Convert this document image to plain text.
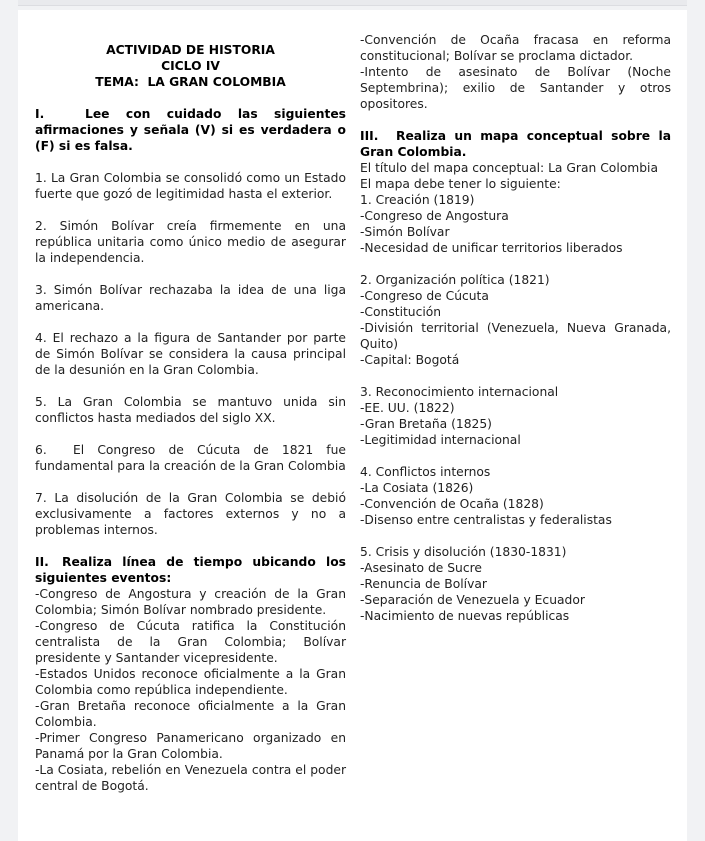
ACTIVIDAD DE HISTORIA
CICLO IV
TEMA:  LA GRAN COLOMBIA

I.	Lee con cuidado las siguientes afirmaciones y señala (V) si es verdadera o (F) si es falsa.

1. La Gran Colombia se consolidó como un Estado fuerte que gozó de legitimidad hasta el exterior.

2. Simón Bolívar creía firmemente en una república unitaria como único medio de asegurar la independencia.

3. Simón Bolívar rechazaba la idea de una liga americana.

4. El rechazo a la figura de Santander por parte de Simón Bolívar se considera la causa principal de la desunión en la Gran Colombia.

5. La Gran Colombia se mantuvo unida sin conflictos hasta mediados del siglo XX.

6.  El Congreso de Cúcuta de 1821 fue fundamental para la creación de la Gran Colombia

7. La disolución de la Gran Colombia se debió exclusivamente a factores externos y no a problemas internos.

II. Realiza línea de tiempo ubicando los siguientes eventos:

-Congreso de Angostura y creación de la Gran Colombia; Simón Bolívar nombrado presidente.

-Congreso de Cúcuta ratifica la Constitución centralista de la Gran Colombia; Bolívar presidente y Santander vicepresidente.

-Estados Unidos reconoce oficialmente a la Gran Colombia como república independiente.

-Gran Bretaña reconoce oficialmente a la Gran Colombia.

-Primer Congreso Panamericano organizado en Panamá por la Gran Colombia.

-La Cosiata, rebelión en Venezuela contra el poder central de Bogotá.

-Convención de Ocaña fracasa en reforma constitucional; Bolívar se proclama dictador.

-Intento de asesinato de Bolívar (Noche Septembrina); exilio de Santander y otros opositores.

III. Realiza un mapa conceptual sobre la Gran Colombia.

El título del mapa conceptual: La Gran Colombia

El mapa debe tener lo siguiente:

1. Creación (1819)

-Congreso de Angostura

-Simón Bolívar

-Necesidad de unificar territorios liberados

2. Organización política (1821)

-Congreso de Cúcuta

-Constitución

-División territorial (Venezuela, Nueva Granada, Quito)

-Capital: Bogotá

3. Reconocimiento internacional

-EE. UU. (1822)

-Gran Bretaña (1825)

-Legitimidad internacional

4. Conflictos internos

-La Cosiata (1826)

-Convención de Ocaña (1828)

-Disenso entre centralistas y federalistas

5. Crisis y disolución (1830-1831)

-Asesinato de Sucre

-Renuncia de Bolívar

-Separación de Venezuela y Ecuador

-Nacimiento de nuevas repúblicas
